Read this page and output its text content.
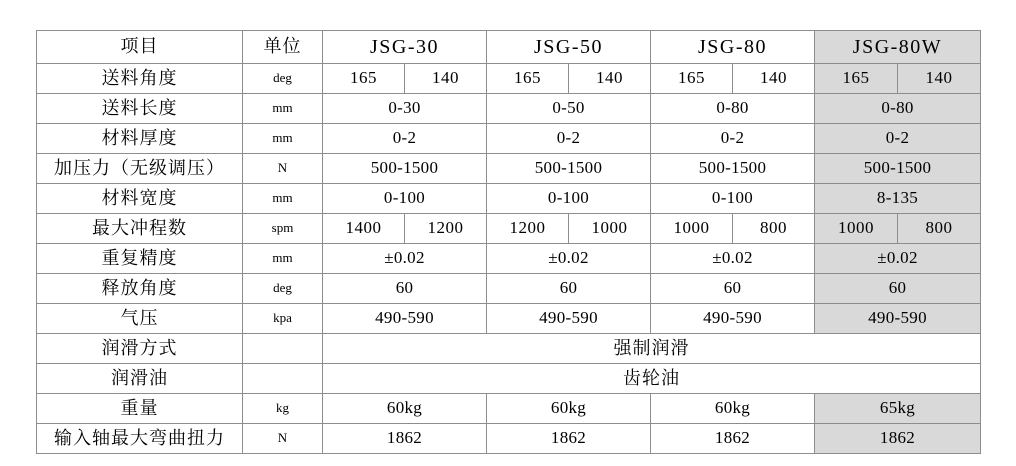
项目	单位	JSG-30	JSG-50	JSG-80	JSG-80W

送料角度	deg	165 140	165 140	165 140	165 140

送料长度	mm	0-30	0-50	0-80	0-80

材料厚度	mm	0-2	0-2	0-2	0-2

加压力（无级调压）	N	500-1500	500-1500	500-1500	500-1500

材料宽度	mm	0-100	0-100	0-100	8-135

最大冲程数	spm	1400 1200	1200 1000	1000 800	1000 800

重复精度	mm	±0.02	±0.02	±0.02	±0.02

释放角度	deg	60	60	60	60

气压	kpa	490-590	490-590	490-590	490-590

润滑方式		强制润滑			

润滑油		齿轮油			

重量	kg	60kg	60kg	60kg	65kg

输入轴最大弯曲扭力	N	1862	1862	1862	1862
